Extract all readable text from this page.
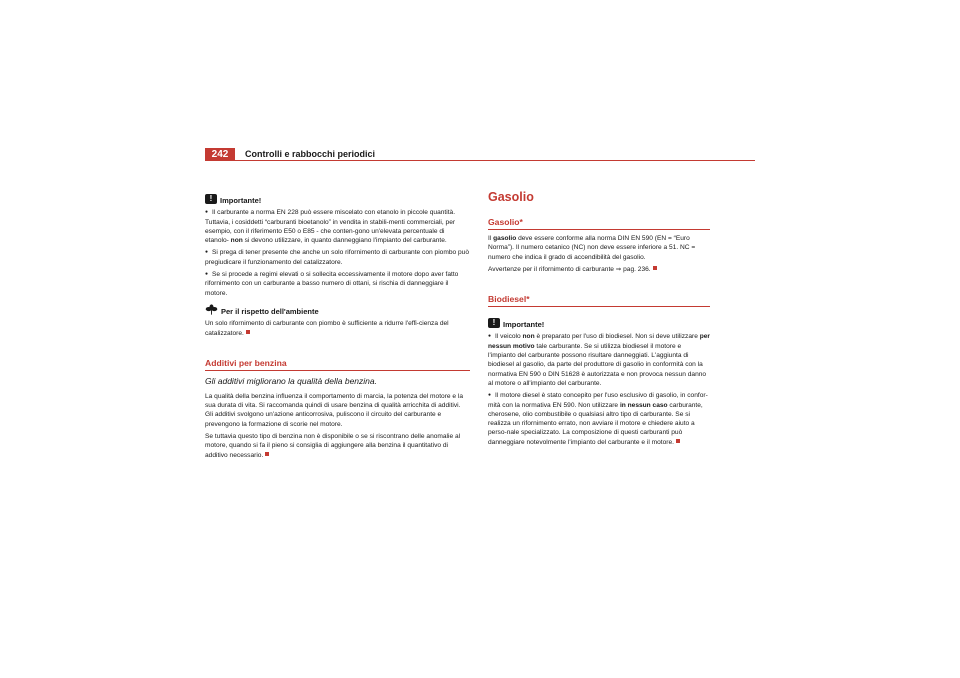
242	Controlli e rabbocchi periodici
!	Importante!

● Il carburante a norma EN 228 può essere miscelato con etanolo in piccole quantità. Tuttavia, i cosiddetti “carburanti bioetanolo” in vendita in stabili-menti commerciali, per esempio, con il riferimento E50 o E85 - che conten-gono un'elevata percentuale di etanolo- non si devono utilizzare, in quanto danneggiano l'impianto del carburante.

● Si prega di tener presente che anche un solo rifornimento di carburante con piombo può pregiudicare il funzionamento del catalizzatore.

● Se si procede a regimi elevati o si sollecita eccessivamente il motore dopo aver fatto rifornimento con un carburante a basso numero di ottani, si rischia di danneggiare il motore.

Per il rispetto dell'ambiente

Un solo rifornimento di carburante con piombo è sufficiente a ridurre l'effi-cienza del catalizzatore.

Additivi per benzina
Gli additivi migliorano la qualità della benzina.

La qualità della benzina influenza il comportamento di marcia, la potenza del motore e la sua durata di vita. Si raccomanda quindi di usare benzina di qualità arricchita di additivi. Gli additivi svolgono un'azione anticorrosiva, puliscono il circuito del carburante e prevengono la formazione di scorie nel motore.

Se tuttavia questo tipo di benzina non è disponibile o se si riscontrano delle anomalie al motore, quando si fa il pieno si consiglia di aggiungere alla benzina il quantitativo di additivo necessario.

Gasolio
Gasolio*

Il gasolio deve essere conforme alla norma DIN EN 590 (EN = “Euro Norma”). Il numero cetanico (NC) non deve essere inferiore a 51. NC = numero che indica il grado di accendibilità del gasolio.

Avvertenze per il rifornimento di carburante ⇒ pag. 236.

Biodiesel*
!	Importante!

● Il veicolo non è preparato per l'uso di biodiesel. Non si deve utilizzare per nessun motivo tale carburante. Se si utilizza biodiesel il motore e l'impianto del carburante possono risultare danneggiati. L'aggiunta di biodiesel al gasolio, da parte del produttore di gasolio in conformità con la normativa EN 590 o DIN 51628 è autorizzata e non provoca nessun danno al motore o all'impianto del carburante.

● Il motore diesel è stato concepito per l'uso esclusivo di gasolio, in confor-mità con la normativa EN 590. Non utilizzare in nessun caso carburante, cherosene, olio combustibile o qualsiasi altro tipo di carburante. Se si realizza un rifornimento errato, non avviare il motore e chiedere aiuto a perso-nale specializzato. La composizione di questi carburanti può danneggiare notevolmente l'impianto del carburante e il motore.
